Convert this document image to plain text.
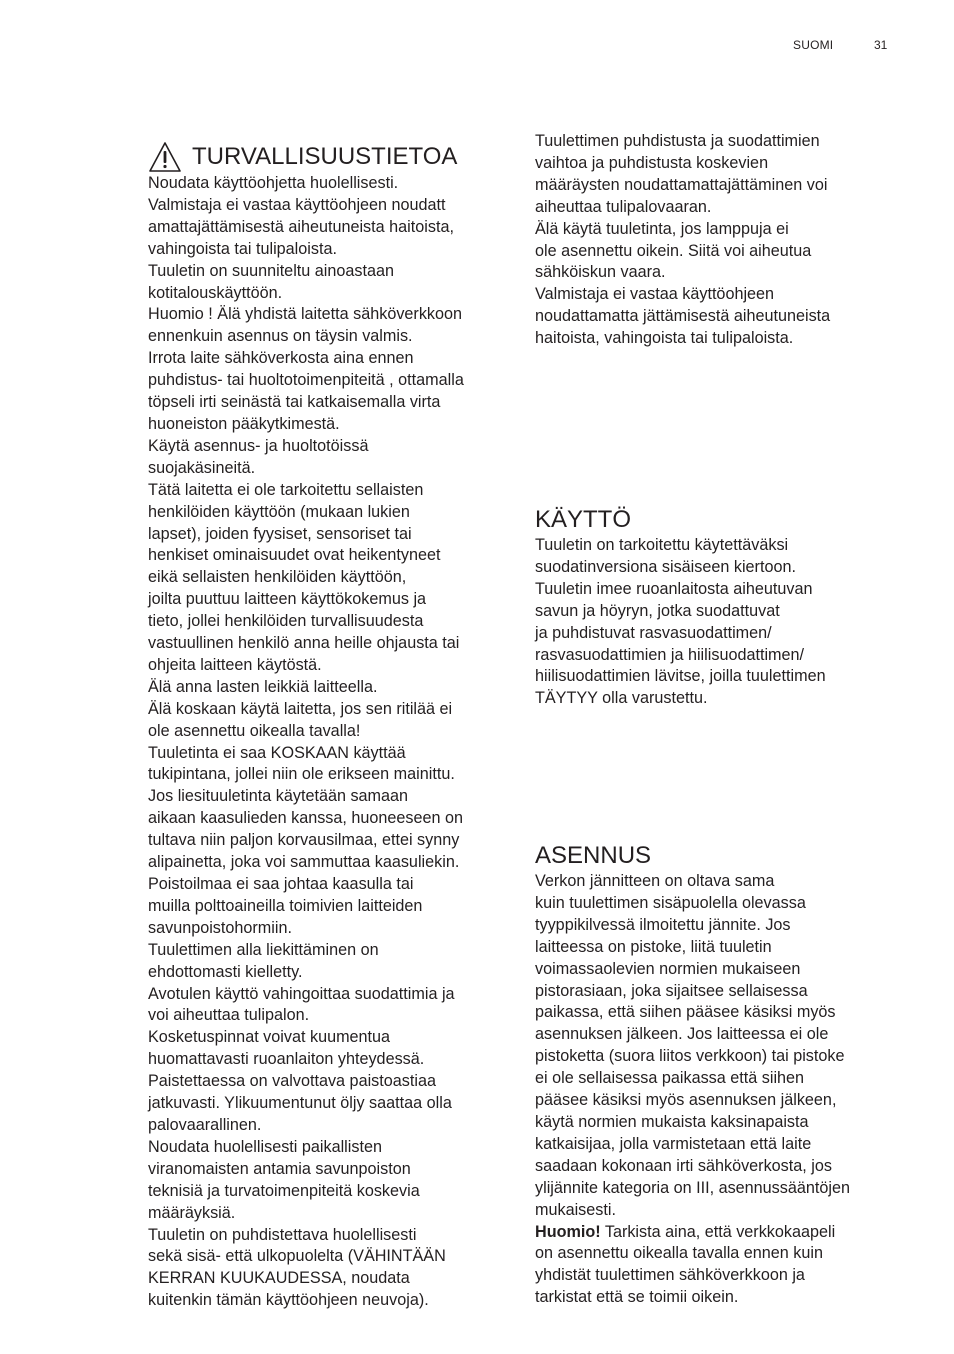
SUOMI	31
TURVALLISUUSTIETOA

Noudata käyttöohjetta huolellisesti.
Valmistaja ei vastaa käyttöohjeen noudatt
amattajättämisestä aiheutuneista haitoista,
vahingoista tai tulipaloista.
Tuuletin on suunniteltu ainoastaan
kotitalouskäyttöön.
Huomio ! Älä yhdistä laitetta sähköverkkoon
ennenkuin asennus on täysin valmis.
Irrota laite sähköverkosta aina ennen
puhdistus- tai huoltotoimenpiteitä , ottamalla
töpseli irti seinästä tai katkaisemalla virta
huoneiston pääkytkimestä.
Käytä asennus- ja huoltotöissä
suojakäsineitä.
Tätä laitetta ei ole tarkoitettu sellaisten
henkilöiden käyttöön (mukaan lukien
lapset), joiden fyysiset, sensoriset tai
henkiset ominaisuudet ovat heikentyneet
eikä sellaisten henkilöiden käyttöön,
joilta puuttuu laitteen käyttökokemus ja
tieto, jollei henkilöiden turvallisuudesta
vastuullinen henkilö anna heille ohjausta tai
ohjeita laitteen käytöstä.
Älä anna lasten leikkiä laitteella.
Älä koskaan käytä laitetta, jos sen ritilää ei
ole asennettu oikealla tavalla!
Tuuletinta ei saa KOSKAAN käyttää
tukipintana, jollei niin ole erikseen mainittu.
Jos liesituuletinta käytetään samaan
aikaan kaasulieden kanssa, huoneeseen on
tultava niin paljon korvausilmaa, ettei synny
alipainetta, joka voi sammuttaa kaasuliekin.
Poistoilmaa ei saa johtaa kaasulla tai
muilla polttoaineilla toimivien laitteiden
savunpoistohormiin.
Tuulettimen alla liekittäminen on
ehdottomasti kielletty.
Avotulen käyttö vahingoittaa suodattimia ja
voi aiheuttaa tulipalon.
Kosketuspinnat voivat kuumentua
huomattavasti ruoanlaiton yhteydessä.
Paistettaessa on valvottava paistoastiaa
jatkuvasti. Ylikuumentunut öljy saattaa olla
palovaarallinen.
Noudata huolellisesti paikallisten
viranomaisten antamia savunpoiston
teknisiä ja turvatoimenpiteitä koskevia
määräyksiä.
Tuuletin on puhdistettava huolellisesti
sekä sisä- että ulkopuolelta (VÄHINTÄÄN
KERRAN KUUKAUDESSA, noudata
kuitenkin tämän käyttöohjeen neuvoja).

Tuulettimen puhdistusta ja suodattimien
vaihtoa ja puhdistusta koskevien
määräysten noudattamattajättäminen voi
aiheuttaa tulipalovaaran.
Älä käytä tuuletinta, jos lamppuja ei
ole asennettu oikein. Siitä voi aiheutua
sähköiskun vaara.
Valmistaja ei vastaa käyttöohjeen
noudattamatta jättämisestä aiheutuneista
haitoista, vahingoista tai tulipaloista.

KÄYTTÖ

Tuuletin on tarkoitettu käytettäväksi
suodatinversiona sisäiseen kiertoon.
Tuuletin imee ruoanlaitosta aiheutuvan
savun ja höyryn, jotka suodattuvat
ja puhdistuvat rasvasuodattimen/
rasvasuodattimien ja hiilisuodattimen/
hiilisuodattimien lävitse, joilla tuulettimen
TÄYTYY olla varustettu.

ASENNUS

Verkon jännitteen on oltava sama
kuin tuulettimen sisäpuolella olevassa
tyyppikilvessä ilmoitettu jännite. Jos
laitteessa on pistoke, liitä tuuletin
voimassaolevien normien mukaiseen
pistorasiaan, joka sijaitsee sellaisessa
paikassa, että siihen pääsee käsiksi myös
asennuksen jälkeen. Jos laitteessa ei ole
pistoketta (suora liitos verkkoon) tai pistoke
ei ole sellaisessa paikassa että siihen
pääsee käsiksi myös asennuksen jälkeen,
käytä normien mukaista kaksinapaista
katkaisijaa, jolla varmistetaan että laite
saadaan kokonaan irti sähköverkosta, jos
ylijännite kategoria on III, asennussääntöjen
mukaisesti.
Huomio! Tarkista aina, että verkkokaapeli
on asennettu oikealla tavalla ennen kuin
yhdistät tuulettimen sähköverkkoon ja
tarkistat että se toimii oikein.
